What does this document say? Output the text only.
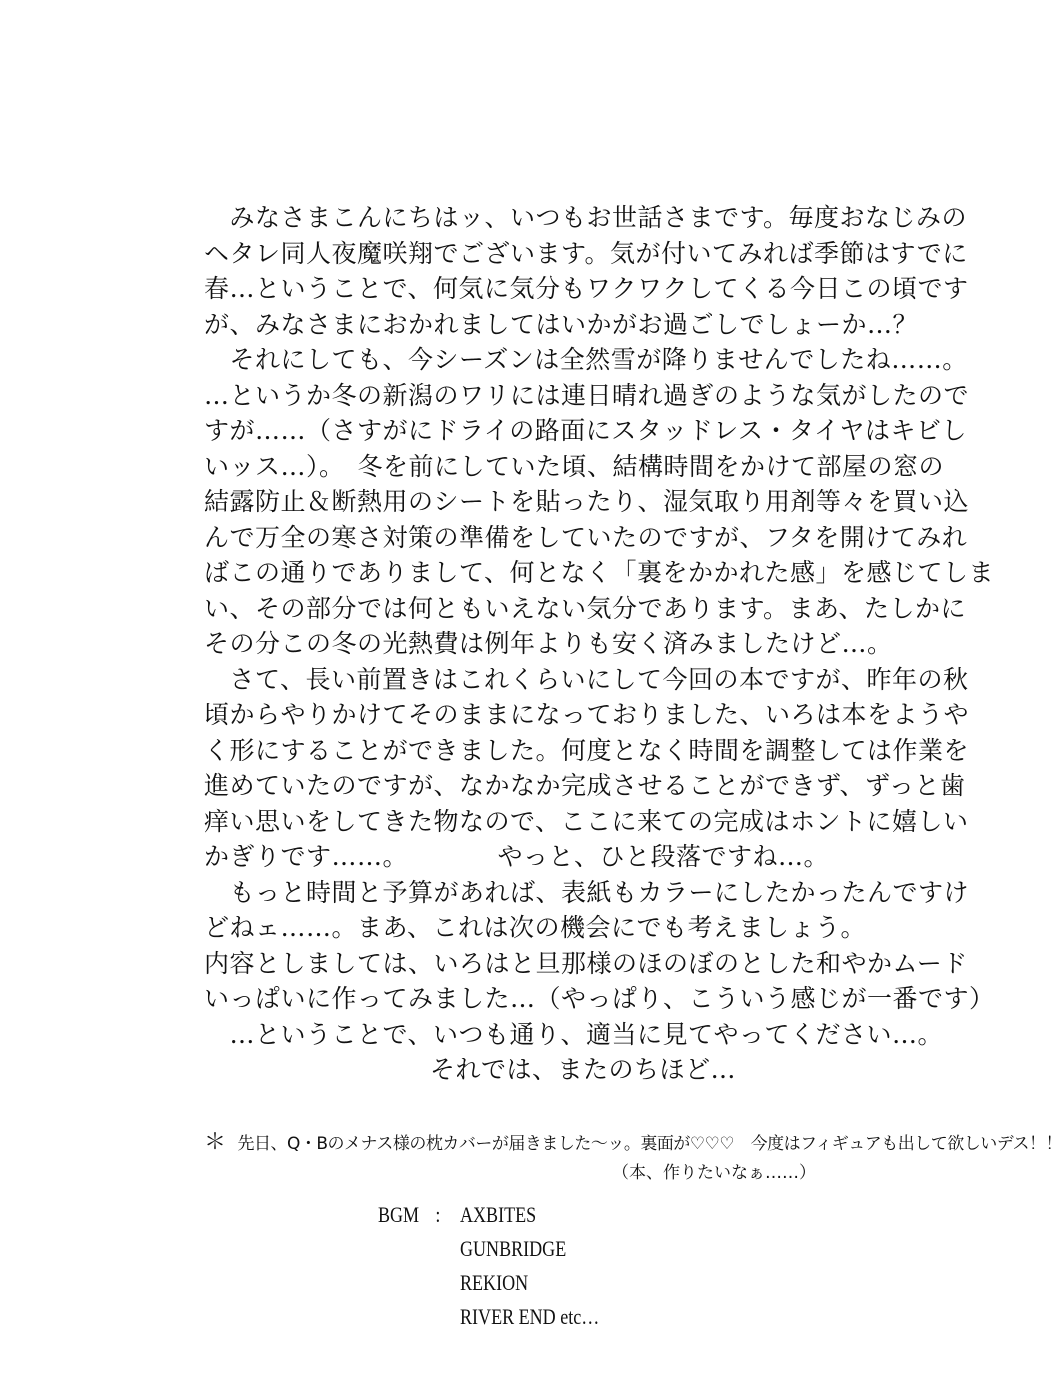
　みなさまこんにちはッ、いつもお世話さまです。毎度おなじみの
ヘタレ同人夜魔咲翔でございます。気が付いてみれば季節はすでに
春…ということで、何気に気分もワクワクしてくる今日この頃です
が、みなさまにおかれましてはいかがお過ごしでしょーか…？
　それにしても、今シーズンは全然雪が降りませんでしたね……。
…というか冬の新潟のワリには連日晴れ過ぎのような気がしたので
すが……（さすがにドライの路面にスタッドレス・タイヤはキビし
いッス…）。　冬を前にしていた頃、結構時間をかけて部屋の窓の
結露防止＆断熱用のシートを貼ったり、湿気取り用剤等々を買い込
んで万全の寒さ対策の準備をしていたのですが、フタを開けてみれ
ばこの通りでありまして、何となく「裏をかかれた感」を感じてしま
い、その部分では何ともいえない気分であります。まあ、たしかに
その分この冬の光熱費は例年よりも安く済みましたけど…。
　さて、長い前置きはこれくらいにして今回の本ですが、昨年の秋
頃からやりかけてそのままになっておりました、いろは本をようや
く形にすることができました。何度となく時間を調整しては作業を
進めていたのですが、なかなか完成させることができず、ずっと歯
痒い思いをしてきた物なので、ここに来ての完成はホントに嬉しい
かぎりです……。　　　　やっと、ひと段落ですね…。
　もっと時間と予算があれば、表紙もカラーにしたかったんですけ
どねェ……。まあ、これは次の機会にでも考えましょう。
内容としましては、いろはと旦那様のほのぼのとした和やかムード
いっぱいに作ってみました…（やっぱり、こういう感じが一番です）
　…ということで、いつも通り、適当に見てやってください…。
それでは、またのちほど…
＊ 先日、Q・Bのメナス様の枕カバーが届きました～ッ。裏面が♡♡♡　今度はフィギュアも出して欲しいデス！！
（本、作りたいなぁ……）
BGM : AXBITES
GUNBRIDGE
REKION
RIVER END etc…
